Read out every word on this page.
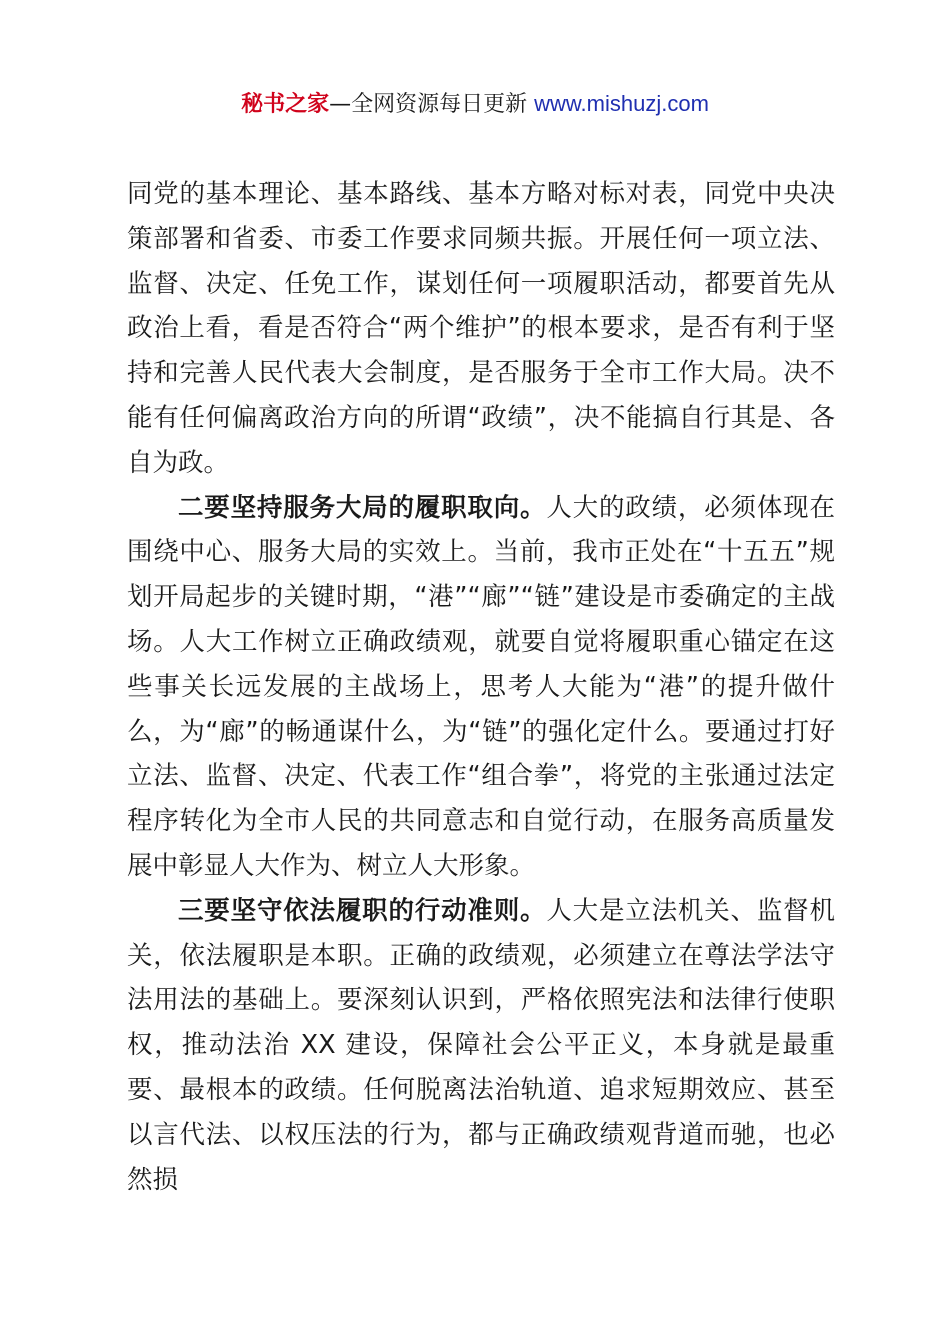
秘书之家—全网资源每日更新 www.mishuzj.com

同党的基本理论、基本路线、基本方略对标对表，同党中央决策部署和省委、市委工作要求同频共振。开展任何一项立法、监督、决定、任免工作，谋划任何一项履职活动，都要首先从政治上看，看是否符合“两个维护”的根本要求，是否有利于坚持和完善人民代表大会制度，是否服务于全市工作大局。决不能有任何偏离政治方向的所谓“政绩”，决不能搞自行其是、各自为政。

二要坚持服务大局的履职取向。人大的政绩，必须体现在围绕中心、服务大局的实效上。当前，我市正处在“十五五”规划开局起步的关键时期，“港”“廊”“链”建设是市委确定的主战场。人大工作树立正确政绩观，就要自觉将履职重心锚定在这些事关长远发展的主战场上，思考人大能为“港”的提升做什么，为“廊”的畅通谋什么，为“链”的强化定什么。要通过打好立法、监督、决定、代表工作“组合拳”，将党的主张通过法定程序转化为全市人民的共同意志和自觉行动，在服务高质量发展中彰显人大作为、树立人大形象。

三要坚守依法履职的行动准则。人大是立法机关、监督机关，依法履职是本职。正确的政绩观，必须建立在尊法学法守法用法的基础上。要深刻认识到，严格依照宪法和法律行使职权，推动法治 XX 建设，保障社会公平正义，本身就是最重要、最根本的政绩。任何脱离法治轨道、追求短期效应、甚至以言代法、以权压法的行为，都与正确政绩观背道而驰，也必然损
